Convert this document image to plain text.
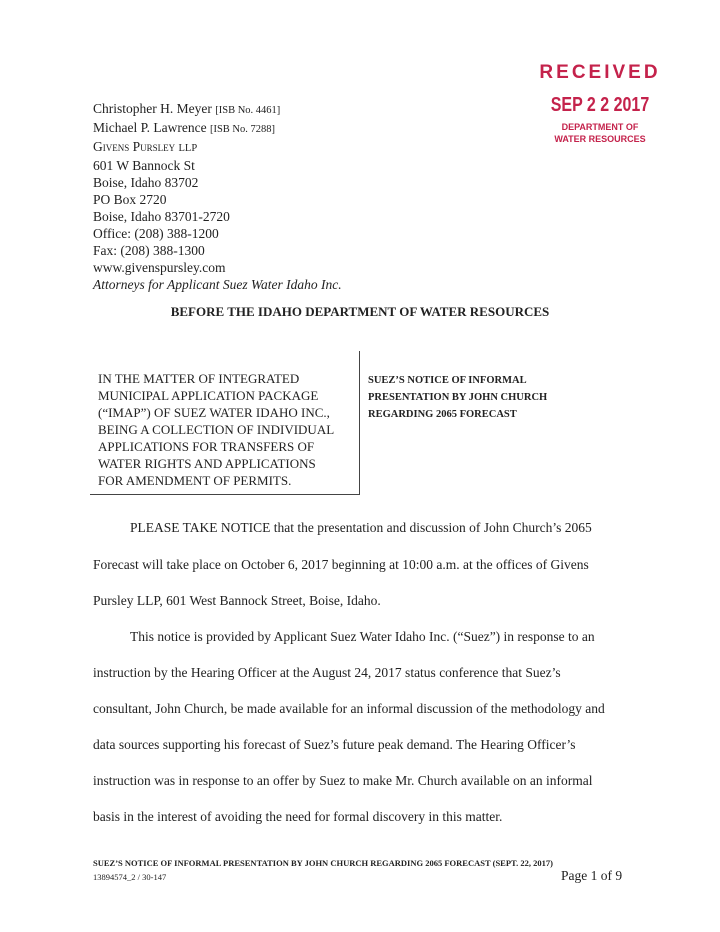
RECEIVED
SEP 2 2 2017
DEPARTMENT OF
WATER RESOURCES
Christopher H. Meyer [ISB No. 4461]
Michael P. Lawrence [ISB No. 7288]
Givens Pursley LLP
601 W Bannock St
Boise, Idaho 83702
PO Box 2720
Boise, Idaho 83701-2720
Office: (208) 388-1200
Fax: (208) 388-1300
www.givenspursley.com
Attorneys for Applicant Suez Water Idaho Inc.
BEFORE THE IDAHO DEPARTMENT OF WATER RESOURCES
IN THE MATTER OF INTEGRATED
MUNICIPAL APPLICATION PACKAGE
(“IMAP”) OF SUEZ WATER IDAHO INC.,
BEING A COLLECTION OF INDIVIDUAL
APPLICATIONS FOR TRANSFERS OF
WATER RIGHTS AND APPLICATIONS
FOR AMENDMENT OF PERMITS.
SUEZ’S NOTICE OF INFORMAL
PRESENTATION BY JOHN CHURCH
REGARDING 2065 FORECAST
PLEASE TAKE NOTICE that the presentation and discussion of John Church’s 2065
Forecast will take place on October 6, 2017 beginning at 10:00 a.m. at the offices of Givens
Pursley LLP, 601 West Bannock Street, Boise, Idaho.
This notice is provided by Applicant Suez Water Idaho Inc. (“Suez”) in response to an
instruction by the Hearing Officer at the August 24, 2017 status conference that Suez’s
consultant, John Church, be made available for an informal discussion of the methodology and
data sources supporting his forecast of Suez’s future peak demand. The Hearing Officer’s
instruction was in response to an offer by Suez to make Mr. Church available on an informal
basis in the interest of avoiding the need for formal discovery in this matter.
SUEZ’S NOTICE OF INFORMAL PRESENTATION BY JOHN CHURCH REGARDING 2065 FORECAST (SEPT. 22, 2017)
13894574_2 / 30-147	Page 1 of 9
